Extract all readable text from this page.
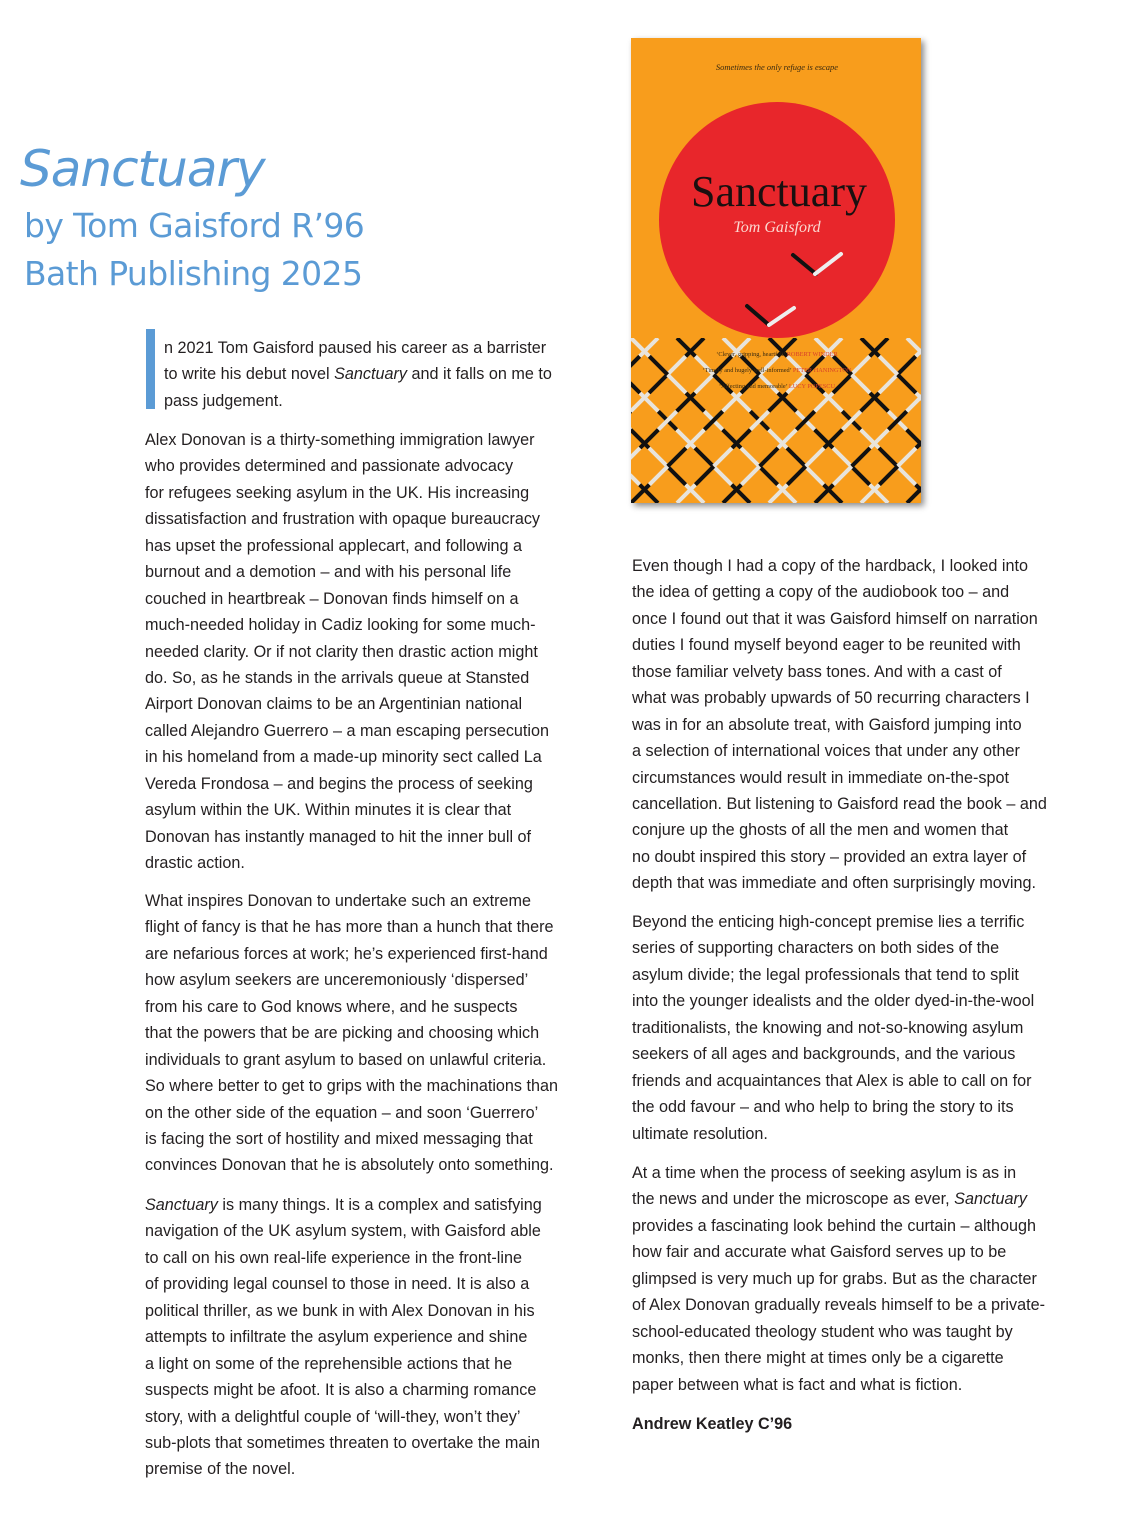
Sanctuary
by Tom Gaisford R’96
Bath Publishing 2025
Sometimes the only refuge is escape
Sanctuary
Tom Gaisford
‘Clever, gripping, heartfelt’ ROBERT WINDER
‘Timely and hugely well-informed’ PETER HANINGTON
‘Affecting and memorable’ LUCY POPESCU
n 2021 Tom Gaisford paused his career as a barrister
to write his debut novel Sanctuary and it falls on me to
pass judgement.
Alex Donovan is a thirty-something immigration lawyer
who provides determined and passionate advocacy
for refugees seeking asylum in the UK. His increasing
dissatisfaction and frustration with opaque bureaucracy
has upset the professional applecart, and following a
burnout and a demotion – and with his personal life
couched in heartbreak – Donovan finds himself on a
much-needed holiday in Cadiz looking for some much-
needed clarity. Or if not clarity then drastic action might
do. So, as he stands in the arrivals queue at Stansted
Airport Donovan claims to be an Argentinian national
called Alejandro Guerrero – a man escaping persecution
in his homeland from a made-up minority sect called La
Vereda Frondosa – and begins the process of seeking
asylum within the UK. Within minutes it is clear that
Donovan has instantly managed to hit the inner bull of
drastic action.
What inspires Donovan to undertake such an extreme
flight of fancy is that he has more than a hunch that there
are nefarious forces at work; he’s experienced first-hand
how asylum seekers are unceremoniously ‘dispersed’
from his care to God knows where, and he suspects
that the powers that be are picking and choosing which
individuals to grant asylum to based on unlawful criteria.
So where better to get to grips with the machinations than
on the other side of the equation – and soon ‘Guerrero’
is facing the sort of hostility and mixed messaging that
convinces Donovan that he is absolutely onto something.
Sanctuary is many things. It is a complex and satisfying
navigation of the UK asylum system, with Gaisford able
to call on his own real-life experience in the front-line
of providing legal counsel to those in need. It is also a
political thriller, as we bunk in with Alex Donovan in his
attempts to infiltrate the asylum experience and shine
a light on some of the reprehensible actions that he
suspects might be afoot. It is also a charming romance
story, with a delightful couple of ‘will-they, won’t they’
sub-plots that sometimes threaten to overtake the main
premise of the novel.
Even though I had a copy of the hardback, I looked into
the idea of getting a copy of the audiobook too – and
once I found out that it was Gaisford himself on narration
duties I found myself beyond eager to be reunited with
those familiar velvety bass tones. And with a cast of
what was probably upwards of 50 recurring characters I
was in for an absolute treat, with Gaisford jumping into
a selection of international voices that under any other
circumstances would result in immediate on-the-spot
cancellation. But listening to Gaisford read the book – and
conjure up the ghosts of all the men and women that
no doubt inspired this story – provided an extra layer of
depth that was immediate and often surprisingly moving.
Beyond the enticing high-concept premise lies a terrific
series of supporting characters on both sides of the
asylum divide; the legal professionals that tend to split
into the younger idealists and the older dyed-in-the-wool
traditionalists, the knowing and not-so-knowing asylum
seekers of all ages and backgrounds, and the various
friends and acquaintances that Alex is able to call on for
the odd favour – and who help to bring the story to its
ultimate resolution.
At a time when the process of seeking asylum is as in
the news and under the microscope as ever, Sanctuary
provides a fascinating look behind the curtain – although
how fair and accurate what Gaisford serves up to be
glimpsed is very much up for grabs. But as the character
of Alex Donovan gradually reveals himself to be a private-
school-educated theology student who was taught by
monks, then there might at times only be a cigarette
paper between what is fact and what is fiction.
Andrew Keatley C’96
